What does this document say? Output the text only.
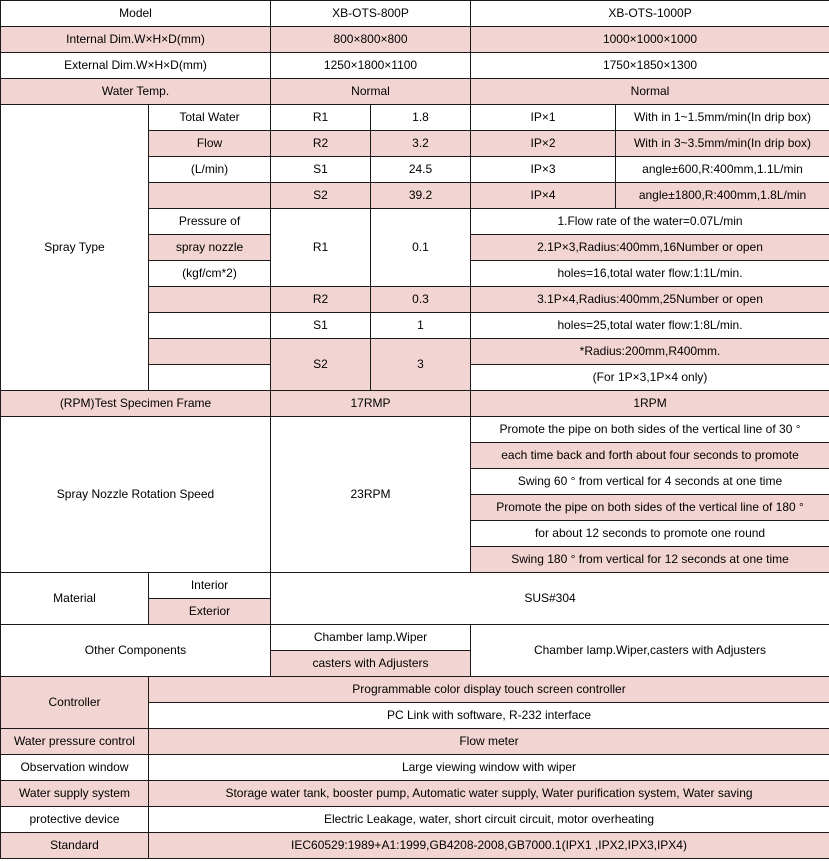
Model		XB-OTS-800P		XB-OTS-1000P	
Internal Dim.W×H×D(mm)		800×800×800		1000×1000×1000	
External Dim.W×H×D(mm)		1250×1800×1100		1750×1850×1300	
Water Temp.		Normal		Normal	
Spray Type	Total Water	R1	1.8	IP×1	With in 1~1.5mm/min(In drip box)
	Flow	R2	3.2	IP×2	With in 3~3.5mm/min(In drip box)
	(L/min)	S1	24.5	IP×3	angle±600,R:400mm,1.1L/min
		S2	39.2	IP×4	angle±1800,R:400mm,1.8L/min
	Pressure of	R1	0.1	1.Flow rate of the water=0.07L/min	
	spray nozzle			2.1P×3,Radius:400mm,16Number or open	
	(kgf/cm*2)			holes=16,total water flow:1:1L/min.	
		R2	0.3	3.1P×4,Radius:400mm,25Number or open	
		S1	1	holes=25,total water flow:1:8L/min.	
		S2	3	*Radius:200mm,R400mm.	
				(For 1P×3,1P×4 only)	
(RPM)Test Specimen Frame		17RMP		1RPM	
Spray Nozzle Rotation Speed		23RPM		Promote the pipe on both sides of the vertical line of 30 °	
				each time back and forth about four seconds to promote	
				Swing 60 ° from vertical for 4 seconds at one time	
				Promote the pipe on both sides of the vertical line of 180 °	
				for about 12 seconds to promote one round	
				Swing 180 ° from vertical for 12 seconds at one time	
Material	Interior	SUS#304			
	Exterior				
Other Components		Chamber lamp.Wiper		Chamber lamp.Wiper,casters with Adjusters	
		casters with Adjusters			
Controller	Programmable color display touch screen controller				
	PC Link with software, R-232 interface				
Water pressure control	Flow meter				
Observation window	Large viewing window with wiper				
Water supply system	Storage water tank, booster pump, Automatic water supply, Water purification system, Water saving				
protective device	Electric Leakage, water, short circuit circuit, motor overheating				
Standard	IEC60529:1989+A1:1999,GB4208-2008,GB7000.1(IPX1 ,IPX2,IPX3,IPX4)				
